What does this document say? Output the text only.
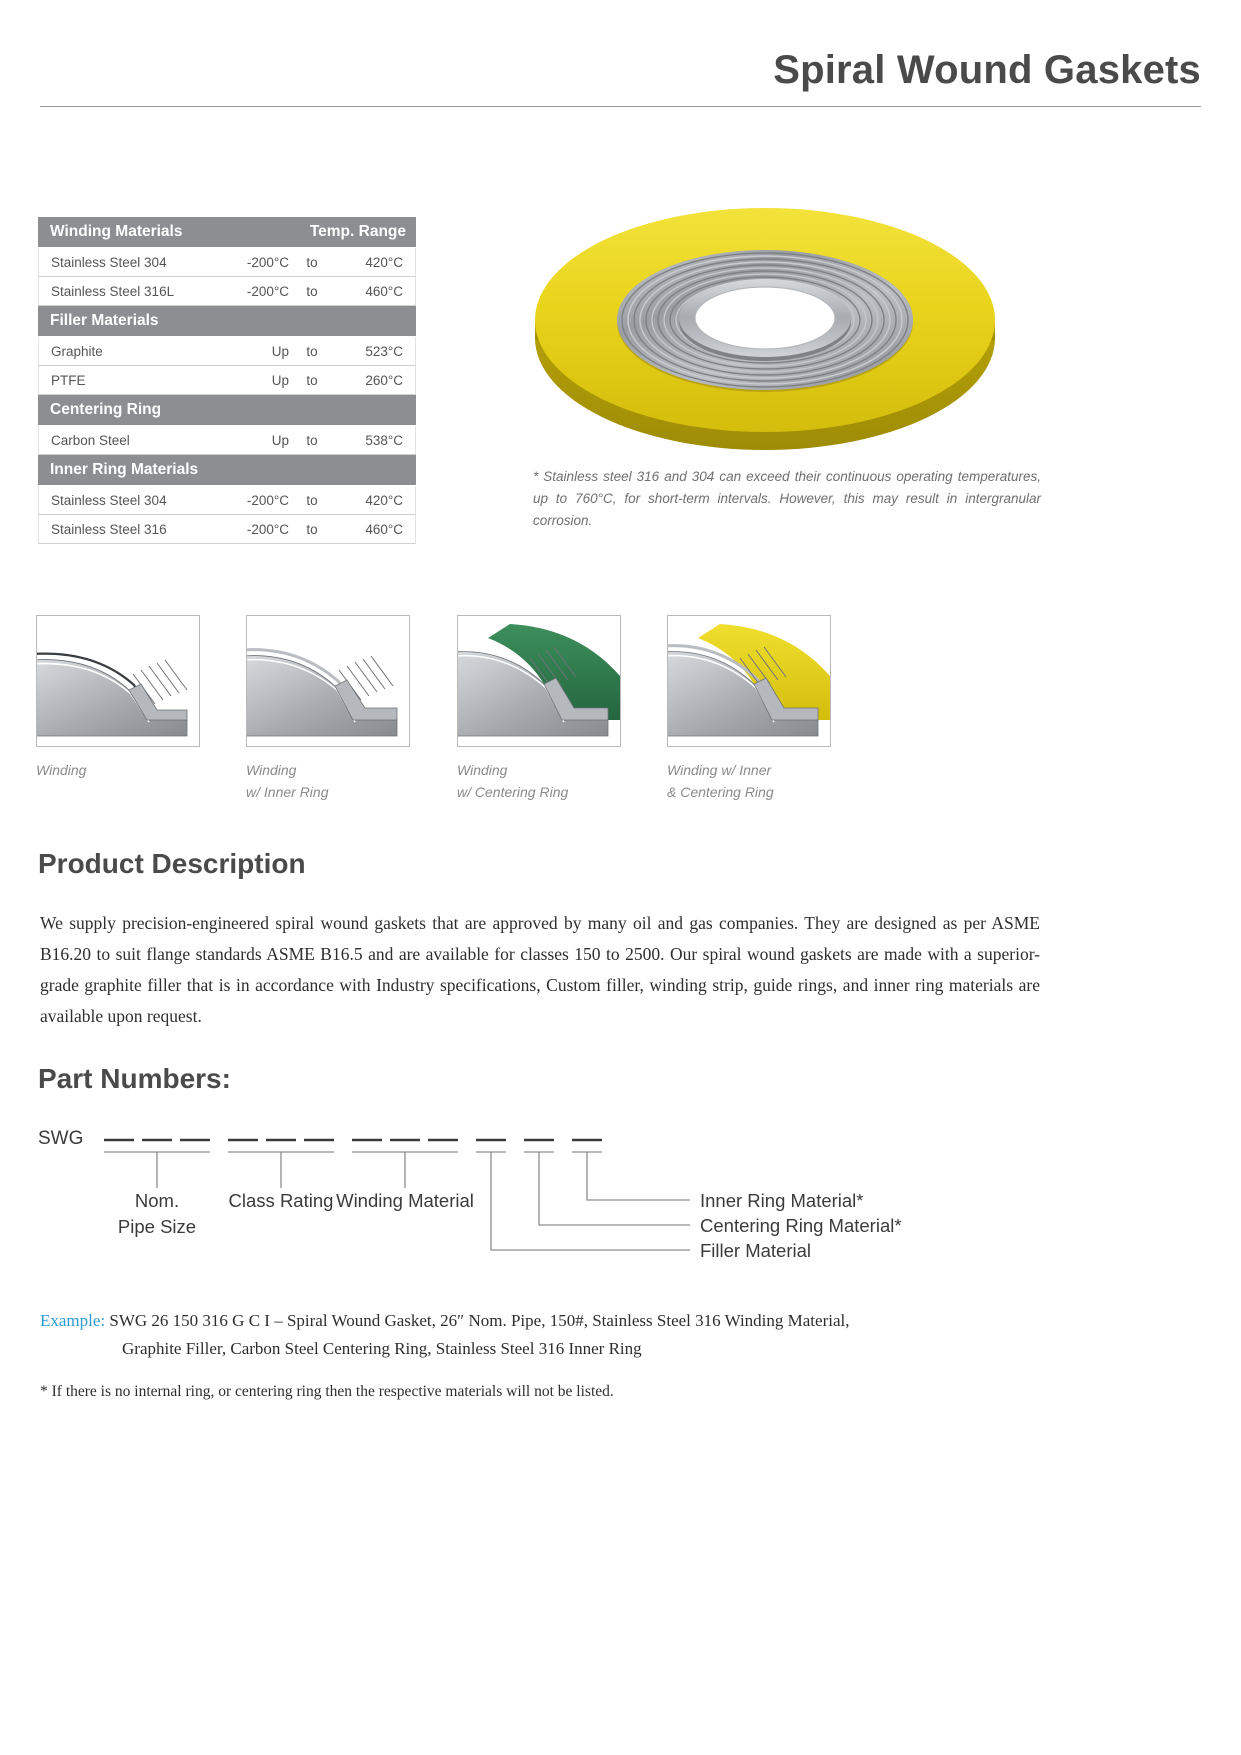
Spiral Wound Gaskets
Winding Materials	Temp. Range
Stainless Steel 304	-200°C	to	420°C
Stainless Steel 316L	-200°C	to	460°C
Filler Materials
Graphite	Up	to	523°C
PTFE	Up	to	260°C
Centering Ring
Carbon Steel	Up	to	538°C
Inner Ring Materials
Stainless Steel 304	-200°C	to	420°C
Stainless Steel 316	-200°C	to	460°C
* Stainless steel 316 and 304 can exceed their continuous operating temperatures, up to 760°C, for short-term intervals. However, this may result in intergranular corrosion.
Winding	Winding
w/ Inner Ring
Winding
w/ Centering Ring
Winding w/ Inner
& Centering Ring
Product Description
We supply precision-engineered spiral wound gaskets that are approved by many oil and gas companies. They are designed as per ASME B16.20 to suit flange standards ASME B16.5 and are available for classes 150 to 2500. Our spiral wound gaskets are made with a superior-grade graphite filler that is in accordance with Industry specifications, Custom filler, winding strip, guide rings, and inner ring materials are available upon request.
Part Numbers:
SWG
Nom.
Pipe Size
Class Rating Winding Material	Inner Ring Material*
Centering Ring Material*
Filler Material
Example: SWG 26 150 316 G C I – Spiral Wound Gasket, 26″ Nom. Pipe, 150#, Stainless Steel 316 Winding Material,
Graphite Filler, Carbon Steel Centering Ring, Stainless Steel 316 Inner Ring
* If there is no internal ring, or centering ring then the respective materials will not be listed.
